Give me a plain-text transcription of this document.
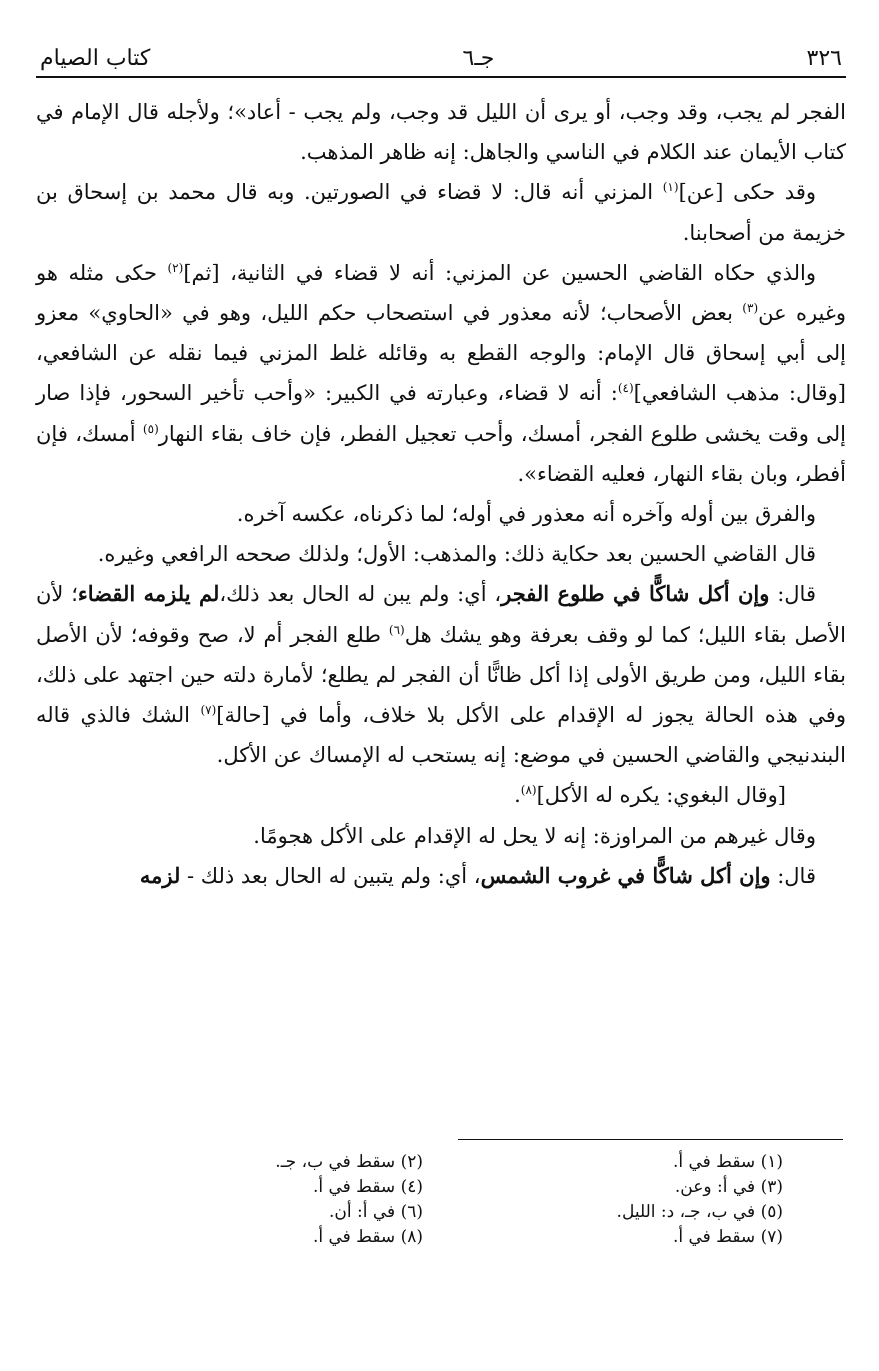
٣٢٦
جـ٦
كتاب الصيام

الفجر لم يجب، وقد وجب، أو يرى أن الليل قد وجب، ولم يجب - أعاد»؛ ولأجله قال الإمام في كتاب الأيمان عند الكلام في الناسي والجاهل: إنه ظاهر المذهب.

وقد حكى [عن]$^{(١)}$ المزني أنه قال: لا قضاء في الصورتين. وبه قال محمد بن إسحاق بن خزيمة من أصحابنا.

والذي حكاه القاضي الحسين عن المزني: أنه لا قضاء في الثانية، [ثم]$^{(٢)}$ حكى مثله هو وغيره عن$^{(٣)}$ بعض الأصحاب؛ لأنه معذور في استصحاب حكم الليل، وهو في «الحاوي» معزو إلى أبي إسحاق قال الإمام: والوجه القطع به وقائله غلط المزني فيما نقله عن الشافعي، [وقال: مذهب الشافعي]$^{(٤)}$: أنه لا قضاء، وعبارته في الكبير: «وأحب تأخير السحور، فإذا صار إلى وقت يخشى طلوع الفجر، أمسك، وأحب تعجيل الفطر، فإن خاف بقاء النهار$^{(٥)}$ أمسك، فإن أفطر، وبان بقاء النهار، فعليه القضاء».

والفرق بين أوله وآخره أنه معذور في أوله؛ لما ذكرناه، عكسه آخره.

قال القاضي الحسين بعد حكاية ذلك: والمذهب: الأول؛ ولذلك صححه الرافعي وغيره.

قال: وإن أكل شاكًّا في طلوع الفجر، أي: ولم يبن له الحال بعد ذلك،لم يلزمه القضاء؛ لأن الأصل بقاء الليل؛ كما لو وقف بعرفة وهو يشك هل$^{(٦)}$ طلع الفجر أم لا، صح وقوفه؛ لأن الأصل بقاء الليل، ومن طريق الأولى إذا أكل ظانًّا أن الفجر لم يطلع؛ لأمارة دلته حين اجتهد على ذلك، وفي هذه الحالة يجوز له الإقدام على الأكل بلا خلاف، وأما في [حالة]$^{(٧)}$ الشك فالذي قاله البندنيجي والقاضي الحسين في موضع: إنه يستحب له الإمساك عن الأكل.

[وقال البغوي: يكره له الأكل]$^{(٨)}$.

وقال غيرهم من المراوزة: إنه لا يحل له الإقدام على الأكل هجومًا.

قال: وإن أكل شاكًّا في غروب الشمس، أي: ولم يتبين له الحال بعد ذلك - لزمه

(١) سقط في أ.
(٢) سقط في ب، جـ.
(٣) في أ: وعن.
(٤) سقط في أ.
(٥) في ب، جـ، د: الليل.
(٦) في أ: أن.
(٧) سقط في أ.
(٨) سقط في أ.
